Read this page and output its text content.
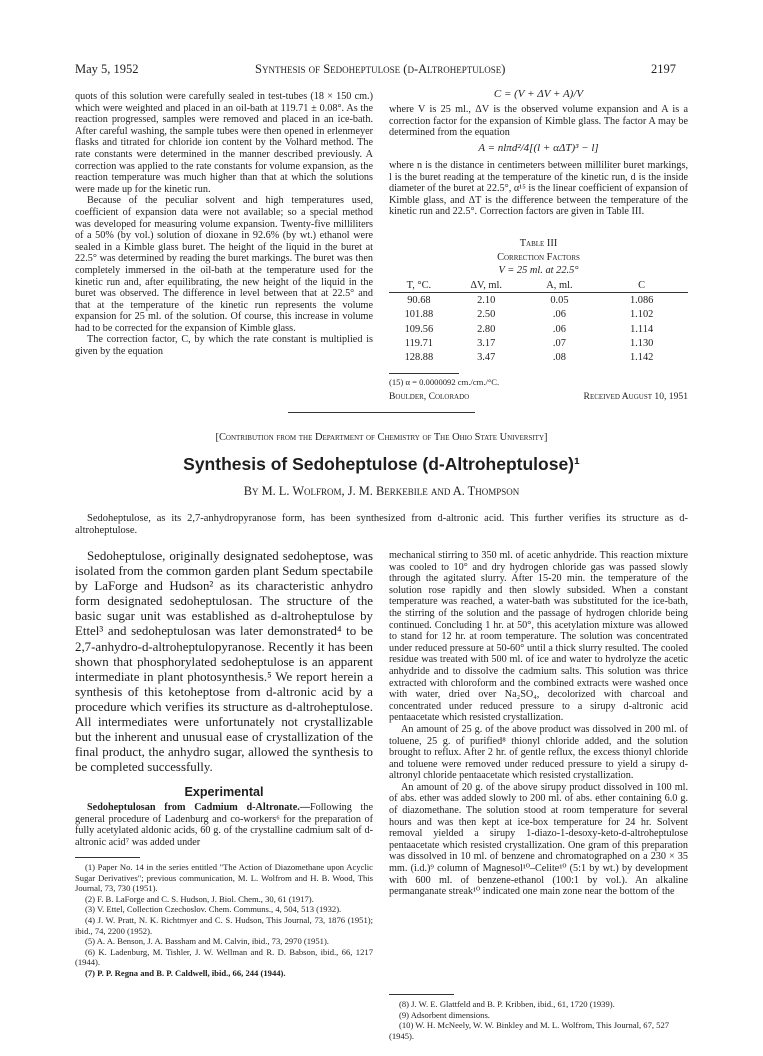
May 5, 1952	Synthesis of Sedoheptulose (d-Altroheptulose)	2197

quots of this solution were carefully sealed in test-tubes (18 × 150 cm.) which were weighted and placed in an oil-bath at 119.71 ± 0.08°. As the reaction progressed, samples were removed and placed in an ice-bath. After careful washing, the sample tubes were then opened in erlenmeyer flasks and titrated for chloride ion content by the Volhard method. The rate constants were determined in the manner described previously. A correction was applied to the rate constants for volume expansion, as the reaction temperature was much higher than that at which the solutions were made up for the kinetic run.

Because of the peculiar solvent and high temperatures used, coefficient of expansion data were not available; so a special method was developed for measuring volume expansion. Twenty-five milliliters of a 50% (by vol.) solution of dioxane in 92.6% (by wt.) ethanol were sealed in a Kimble glass buret. The height of the liquid in the buret at 22.5° was determined by reading the buret markings. The buret was then completely immersed in the oil-bath at the temperature used for the kinetic run and, after equilibrating, the new height of the liquid in the buret was observed. The difference in level between that at 22.5° and that at the temperature of the kinetic run represents the volume expansion for 25 ml. of the solution. Of course, this increase in volume had to be corrected for the expansion of Kimble glass.

The correction factor, C, by which the rate constant is multiplied is given by the equation

C = (V + ΔV + A)/V
where V is 25 ml., ΔV is the observed volume expansion and A is a correction factor for the expansion of Kimble glass. The factor A may be determined from the equation
A = nlπd²/4[(l + αΔT)³ − l]
where n is the distance in centimeters between milliliter buret markings, l is the buret reading at the temperature of the kinetic run, d is the inside diameter of the buret at 22.5°, α¹⁵ is the linear coefficient of expansion of Kimble glass, and ΔT is the difference between the temperature of the kinetic run and 22.5°. Correction factors are given in Table III.
Table III
Correction Factors
V = 25 ml. at 22.5°
T, °C.	ΔV, ml.	A, ml.	C

90.68	2.10	0.05	1.086
101.88	2.50	.06	1.102
109.56	2.80	.06	1.114
119.71	3.17	.07	1.130
128.88	3.47	.08	1.142
(15) α = 0.0000092 cm./cm./°C.
Boulder, Colorado	Received August 10, 1951
[Contribution from the Department of Chemistry of The Ohio State University]
Synthesis of Sedoheptulose (d-Altroheptulose)¹
By M. L. Wolfrom, J. M. Berkebile and A. Thompson
Sedoheptulose, as its 2,7-anhydropyranose form, has been synthesized from d-altronic acid. This further verifies its structure as d-altroheptulose.

Sedoheptulose, originally designated sedoheptose, was isolated from the common garden plant Sedum spectabile by LaForge and Hudson² as its characteristic anhydro form designated sedoheptulosan. The structure of the basic sugar unit was established as d-altroheptulose by Ettel³ and sedoheptulosan was later demonstrated⁴ to be 2,7-anhydro-d-altroheptulopyranose. Recently it has been shown that phosphorylated sedoheptulose is an apparent intermediate in plant photosynthesis.⁵ We report herein a synthesis of this ketoheptose from d-altronic acid by a procedure which verifies its structure as d-altroheptulose. All intermediates were unfortunately not crystallizable but the inherent and unusual ease of crystallization of the final product, the anhydro sugar, allowed the synthesis to be completed successfully.

Experimental

Sedoheptulosan from Cadmium d-Altronate.—Following the general procedure of Ladenburg and co-workers⁶ for the preparation of fully acetylated aldonic acids, 60 g. of the crystalline cadmium salt of d-altronic acid⁷ was added under

(1) Paper No. 14 in the series entitled "The Action of Diazomethane upon Acyclic Sugar Derivatives"; previous communication, M. L. Wolfrom and H. B. Wood, This Journal, 73, 730 (1951).
(2) F. B. LaForge and C. S. Hudson, J. Biol. Chem., 30, 61 (1917).
(3) V. Ettel, Collection Czechoslov. Chem. Communs., 4, 504, 513 (1932).
(4) J. W. Pratt, N. K. Richtmyer and C. S. Hudson, This Journal, 73, 1876 (1951); ibid., 74, 2200 (1952).
(5) A. A. Benson, J. A. Bassham and M. Calvin, ibid., 73, 2970 (1951).
(6) K. Ladenburg, M. Tishler, J. W. Wellman and R. D. Babson, ibid., 66, 1217 (1944).
(7) P. P. Regna and B. P. Caldwell, ibid., 66, 244 (1944).

mechanical stirring to 350 ml. of acetic anhydride. This reaction mixture was cooled to 10° and dry hydrogen chloride gas was passed slowly through the agitated slurry. After 15-20 min. the temperature of the solution rose rapidly and then slowly subsided. When a constant temperature was reached, a water-bath was substituted for the ice-bath, the stirring of the solution and the passage of hydrogen chloride being continued. Concluding 1 hr. at 50°, this acetylation mixture was allowed to stand for 12 hr. at room temperature. The solution was concentrated under reduced pressure at 50-60° until a thick slurry resulted. The cooled residue was treated with 500 ml. of ice and water to hydrolyze the acetic anhydride and to dissolve the cadmium salts. This solution was thrice extracted with chloroform and the combined extracts were washed once with water, dried over Na₂SO₄, decolorized with charcoal and concentrated under reduced pressure to a sirupy d-altronic acid pentaacetate which resisted crystallization.

An amount of 25 g. of the above product was dissolved in 200 ml. of toluene, 25 g. of purified⁸ thionyl chloride added, and the solution brought to reflux. After 2 hr. of gentle reflux, the excess thionyl chloride and toluene were removed under reduced pressure to yield a sirupy d-altronyl chloride pentaacetate which resisted crystallization.

An amount of 20 g. of the above sirupy product dissolved in 100 ml. of abs. ether was added slowly to 200 ml. of abs. ether containing 6.0 g. of diazomethane. The solution stood at room temperature for several hours and was then kept at ice-box temperature for 24 hr. Solvent removal yielded a sirupy 1-diazo-1-desoxy-keto-d-altroheptulose pentaacetate which resisted crystallization. One gram of this preparation was dissolved in 10 ml. of benzene and chromatographed on a 230 × 35 mm. (i.d.)⁹ column of Magnesol¹⁰–Celite¹⁰ (5:1 by wt.) by development with 600 ml. of benzene-ethanol (100:1 by vol.). An alkaline permanganate streak¹⁰ indicated one main zone near the bottom of the

(8) J. W. E. Glattfeld and B. P. Kribben, ibid., 61, 1720 (1939).
(9) Adsorbent dimensions.
(10) W. H. McNeely, W. W. Binkley and M. L. Wolfrom, This Journal, 67, 527 (1945).
